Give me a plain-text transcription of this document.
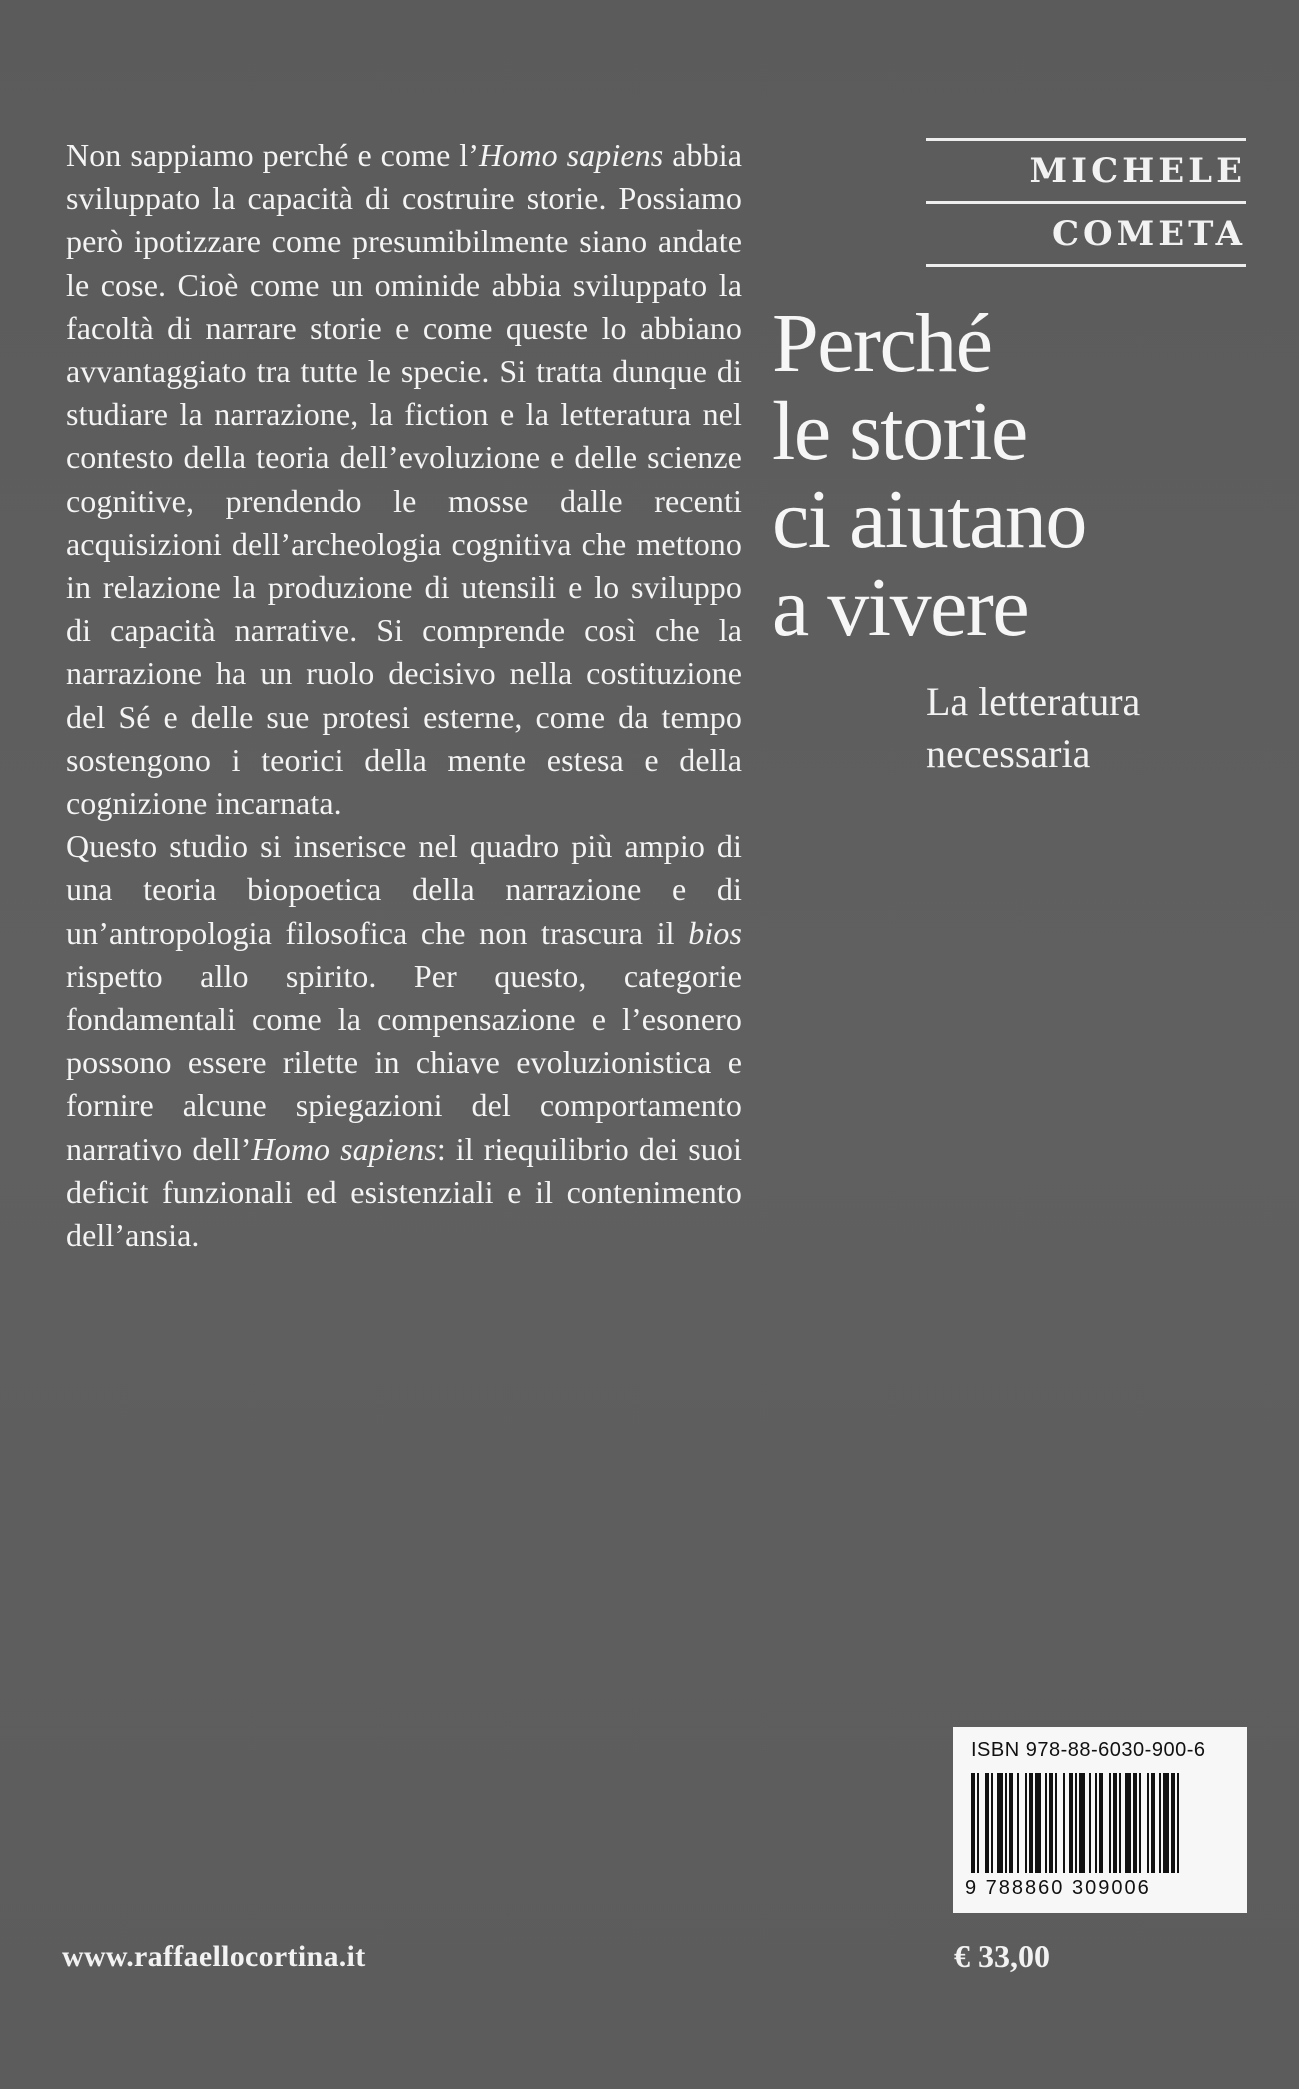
Non sappiamo perché e come l’Homo sapiens abbia sviluppato la capacità di costruire storie. Possiamo però ipotizzare come presumibilmente siano andate le cose. Cioè come un ominide abbia sviluppato la facoltà di narrare storie e come queste lo abbiano avvantaggiato tra tutte le specie. Si tratta dunque di studiare la narrazione, la fiction e la letteratura nel contesto della teoria dell’evoluzione e delle scienze cognitive, prendendo le mosse dalle recenti acquisizioni dell’archeologia cognitiva che mettono in relazione la produzione di utensili e lo sviluppo di capacità narrative. Si comprende così che la narrazione ha un ruolo decisivo nella costituzione del Sé e delle sue protesi esterne, come da tempo sostengono i teorici della mente estesa e della cognizione incarnata.

Questo studio si inserisce nel quadro più ampio di una teoria biopoetica della narrazione e di un’antropologia filosofica che non trascura il bios rispetto allo spirito. Per questo, categorie fondamentali come la compensazione e l’esonero possono essere rilette in chiave evoluzionistica e fornire alcune spiegazioni del comportamento narrativo dell’Homo sapiens: il riequilibrio dei suoi deficit funzionali ed esistenziali e il contenimento dell’ansia.

MICHELE
COMETA
Perché
le storie
ci aiutano
a vivere
La letteratura
necessaria
ISBN 978-88-6030-900-6
9 788860 309006
www.raffaellocortina.it	€ 33,00
